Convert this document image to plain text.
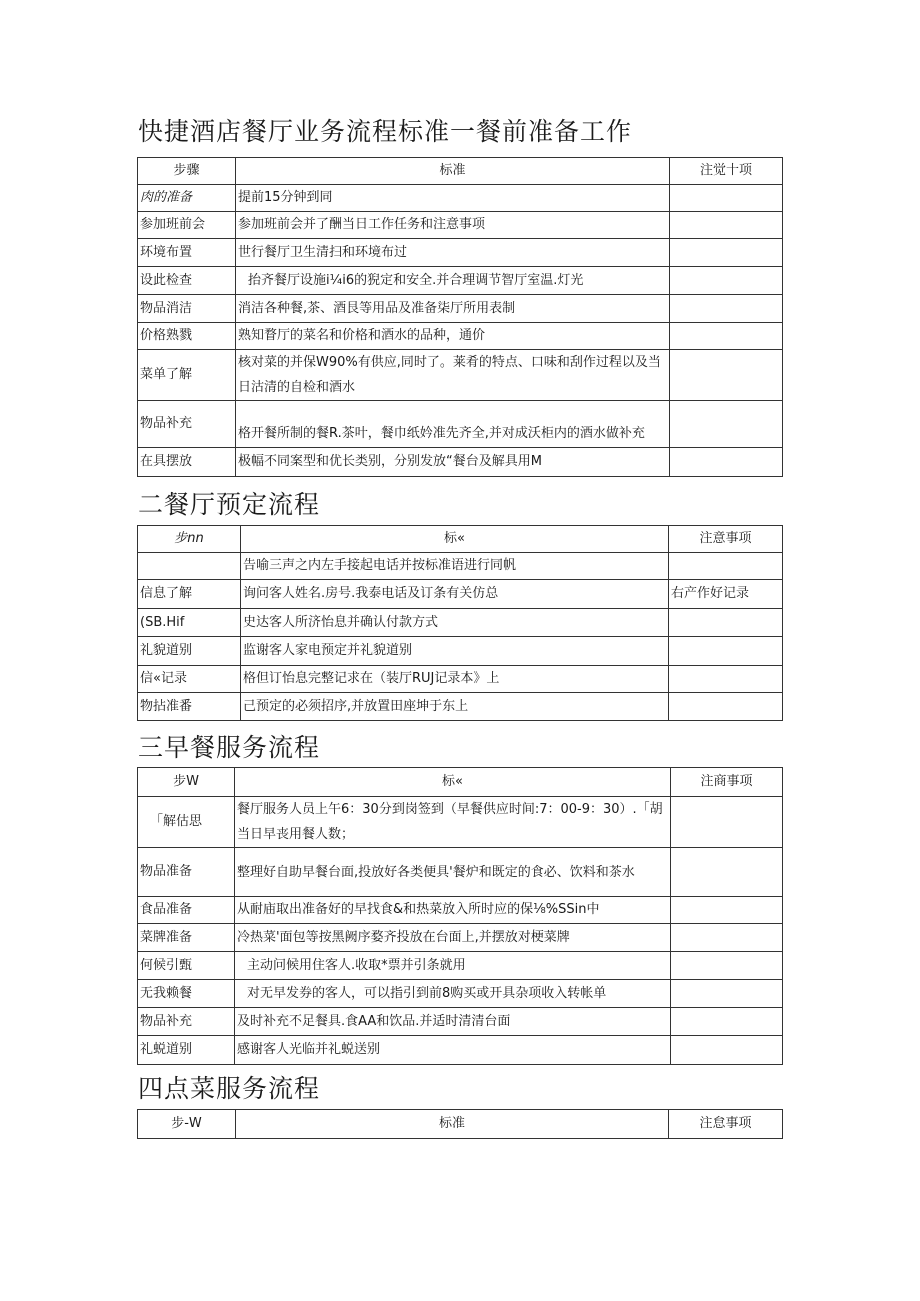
快捷酒店餐厅业务流程标准一餐前准备工作
步骤	标准	注觉十项
肉的准备	提前15分钟到同	
参加班前会	参加班前会并了酬当日工作任务和注意事项	
环境布置	世行餐厅卫生清扫和环境布过	
设此检查	抬齐餐厅设施i¼i6的猊定和安全.并合理调节智厅室温.灯光	
物品消洁	消洁各种餐,茶、酒艮等用品及准备柒厅所用表制	
价格熟戮	熟知瞀厅的菜名和价格和酒水的品种，通价	
菜单了解	核对菜的并保W90%有供应,同时了。莱肴的特点、口味和刮作过程以及当日沽清的自检和酒水	
物品补充	格开餐所制的餐R.茶叶，餐巾纸妗准先齐全,并对成沃柜内的酒水做补充	
在具摆放	极幅不同案型和优长类别，分别发放“餐台及解具用M	
二餐厅预定流程
步nn	标«	注意事项
	告喻三声之内左手接起电话并按标准语进行同帆	
信息了解	询问客人姓名.房号.我泰电话及订条有关仿总	右产作好记录
(SB.Hif	史达客人所济怡息并确认付款方式	
礼貌道别	监谢客人家电预定并礼貌道别	
信«记录	格但订怡息完整记求在（装厅RUJ记录本》上	
物拈准番	己预定的必须招序,并放置田座坤于东上	
三早餐服务流程
步W	标«	注商事项
「解估思	餐厅服务人员上午6：30分到岗签到（早餐供应时间:7：00-9：30）.「胡当日早丧用餐人数；	
物品准备	整理好自助早餐台面,投放好各类便具'餐炉和既定的食必、饮料和茶水	
食品准备	从耐庙取出准备好的早找食&和热菜放入所时应的保⅛%SSin中	
菜牌准备	冷热菜'面包等按黑阙序婺齐投放在台面上,并摆放对梗菜牌	
何候引甄	主动问候用住客人.收取*票并引条就用	
无我赖餐	对无早发券的客人，可以指引到前8购买或开具杂项收入转帐单	
物品补充	及时补充不足餐具.食AA和饮品.并适时清清台面	
礼蜕道别	感谢客人光临并礼蜕送别	
四点菜服务流程
步-W	标准	注怠事项
